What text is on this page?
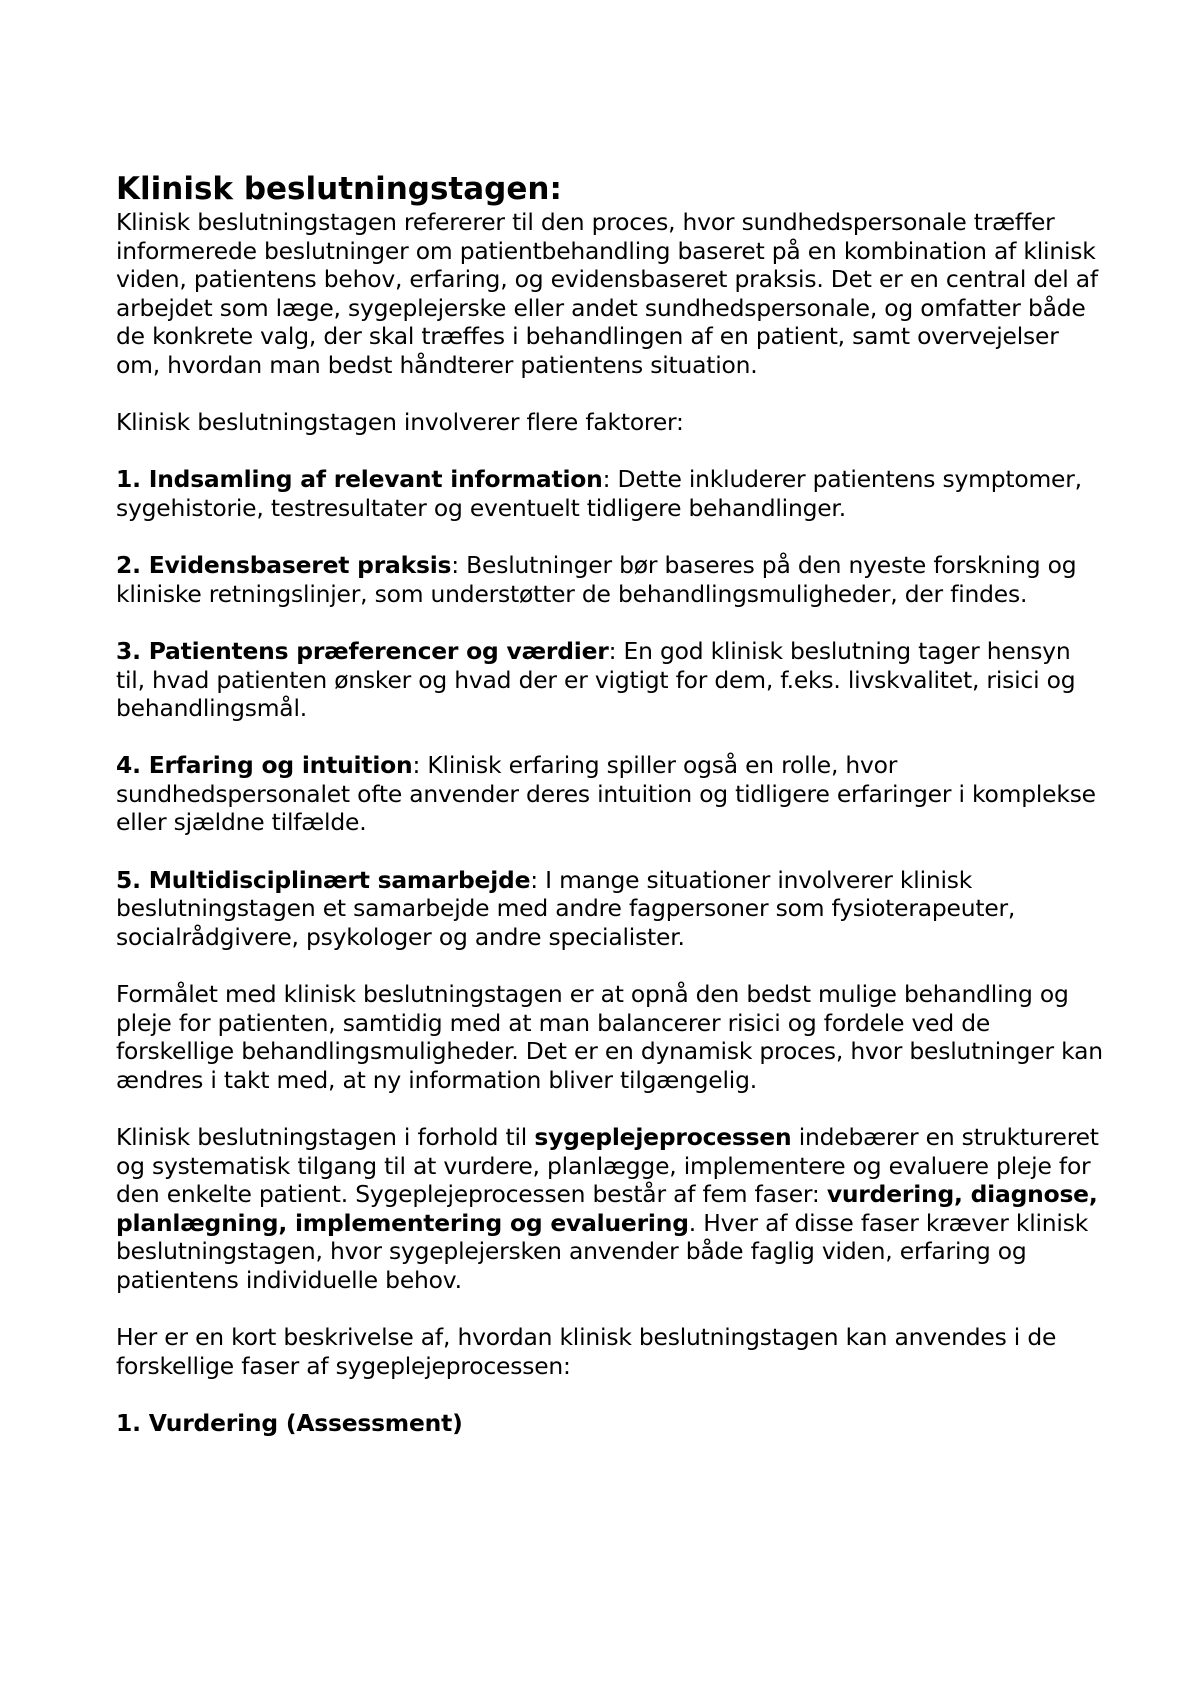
Klinisk beslutningstagen:

Klinisk beslutningstagen refererer til den proces, hvor sundhedspersonale træffer informerede beslutninger om patientbehandling baseret på en kombination af klinisk viden, patientens behov, erfaring, og evidensbaseret praksis. Det er en central del af arbejdet som læge, sygeplejerske eller andet sundhedspersonale, og omfatter både de konkrete valg, der skal træffes i behandlingen af en patient, samt overvejelser om, hvordan man bedst håndterer patientens situation.

Klinisk beslutningstagen involverer flere faktorer:

1. Indsamling af relevant information: Dette inkluderer patientens symptomer, sygehistorie, testresultater og eventuelt tidligere behandlinger.

2. Evidensbaseret praksis: Beslutninger bør baseres på den nyeste forskning og kliniske retningslinjer, som understøtter de behandlingsmuligheder, der findes.

3. Patientens præferencer og værdier: En god klinisk beslutning tager hensyn til, hvad patienten ønsker og hvad der er vigtigt for dem, f.eks. livskvalitet, risici og behandlingsmål.

4. Erfaring og intuition: Klinisk erfaring spiller også en rolle, hvor sundhedspersonalet ofte anvender deres intuition og tidligere erfaringer i komplekse eller sjældne tilfælde.

5. Multidisciplinært samarbejde: I mange situationer involverer klinisk beslutningstagen et samarbejde med andre fagpersoner som fysioterapeuter, socialrådgivere, psykologer og andre specialister.

Formålet med klinisk beslutningstagen er at opnå den bedst mulige behandling og pleje for patienten, samtidig med at man balancerer risici og fordele ved de forskellige behandlingsmuligheder. Det er en dynamisk proces, hvor beslutninger kan ændres i takt med, at ny information bliver tilgængelig.

Klinisk beslutningstagen i forhold til sygeplejeprocessen indebærer en struktureret og systematisk tilgang til at vurdere, planlægge, implementere og evaluere pleje for den enkelte patient. Sygeplejeprocessen består af fem faser: vurdering, diagnose, planlægning, implementering og evaluering. Hver af disse faser kræver klinisk beslutningstagen, hvor sygeplejersken anvender både faglig viden, erfaring og patientens individuelle behov.

Her er en kort beskrivelse af, hvordan klinisk beslutningstagen kan anvendes i de forskellige faser af sygeplejeprocessen:

1. Vurdering (Assessment)
